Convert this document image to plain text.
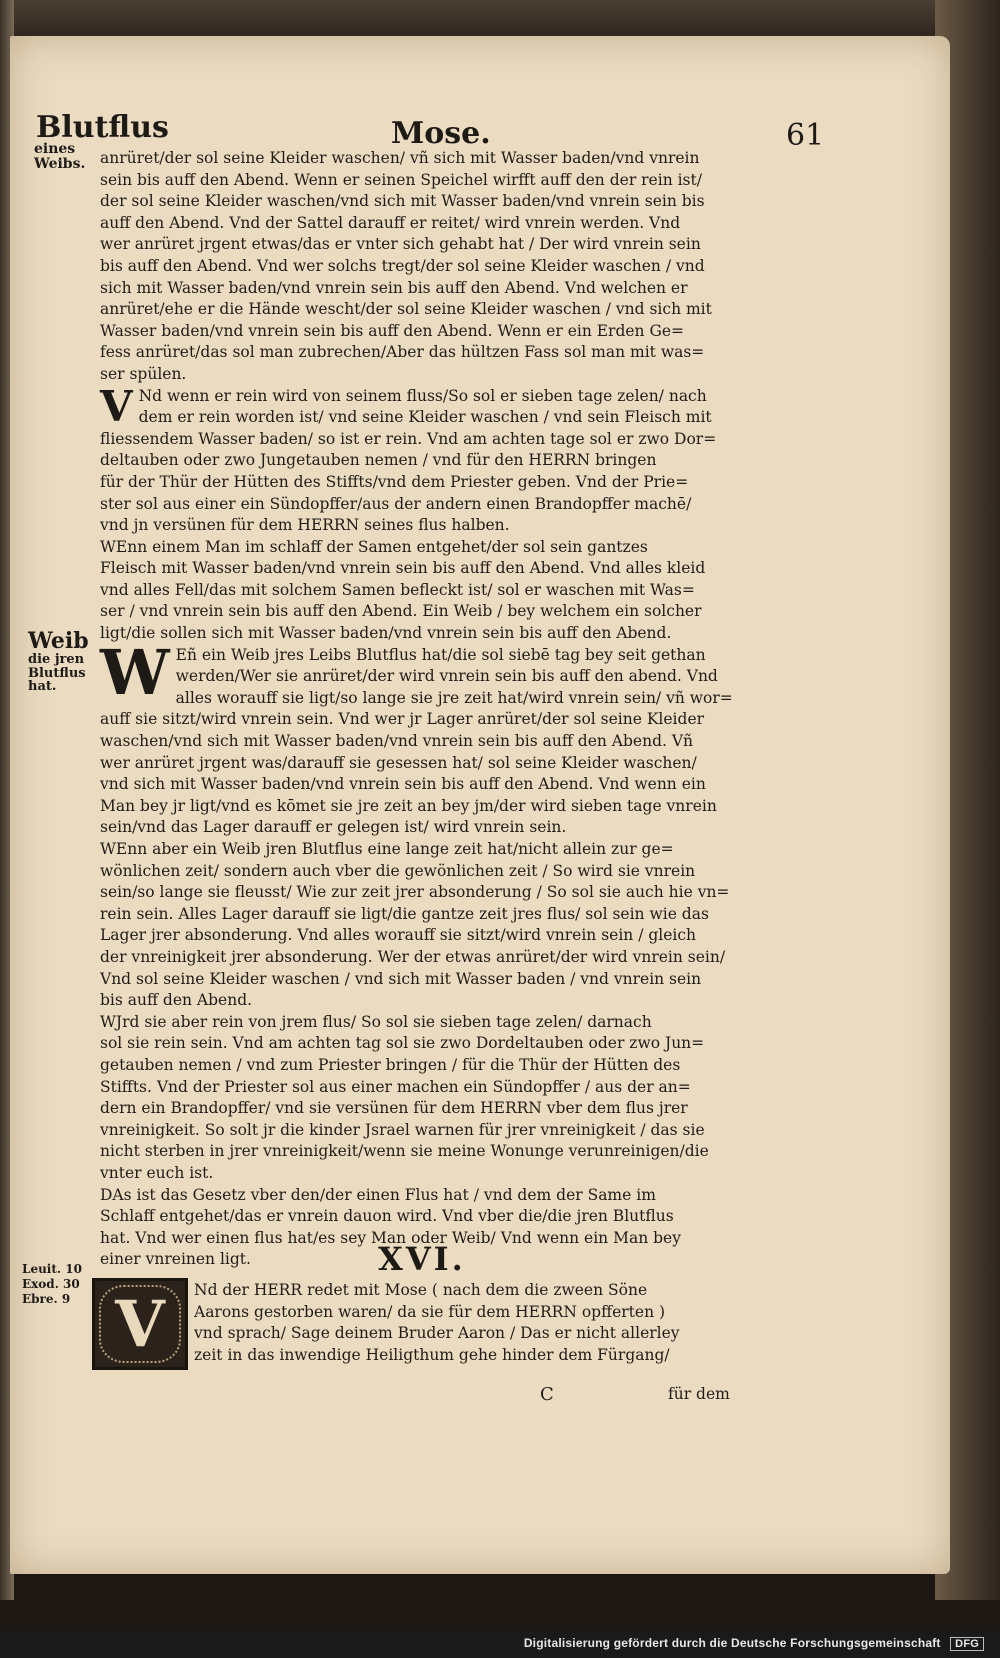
Blutflus	Mose.	61
eines
Weibs.
Weib
die jren
Blutflus
hat.
Leuit. 10
Exod. 30
Ebre. 9
anrüret/der sol seine Kleider waschen/ vñ sich mit Wasser baden/vnd vnrein
sein bis auff den Abend. Wenn er seinen Speichel wirfft auff den der rein ist/
der sol seine Kleider waschen/vnd sich mit Wasser baden/vnd vnrein sein bis
auff den Abend. Vnd der Sattel darauff er reitet/ wird vnrein werden. Vnd
wer anrüret jrgent etwas/das er vnter sich gehabt hat / Der wird vnrein sein
bis auff den Abend. Vnd wer solchs tregt/der sol seine Kleider waschen / vnd
sich mit Wasser baden/vnd vnrein sein bis auff den Abend. Vnd welchen er
anrüret/ehe er die Hände wescht/der sol seine Kleider waschen / vnd sich mit
Wasser baden/vnd vnrein sein bis auff den Abend. Wenn er ein Erden Ge=
fess anrüret/das sol man zubrechen/Aber das hültzen Fass sol man mit was=
ser spülen.
V Nd wenn er rein wird von seinem fluss/So sol er sieben tage zelen/ nach
dem er rein worden ist/ vnd seine Kleider waschen / vnd sein Fleisch mit
fliessendem Wasser baden/ so ist er rein. Vnd am achten tage sol er zwo Dor=
deltauben oder zwo Jungetauben nemen / vnd für den HERRN bringen
für der Thür der Hütten des Stiffts/vnd dem Priester geben. Vnd der Prie=
ster sol aus einer ein Sündopffer/aus der andern einen Brandopffer machē/
vnd jn versünen für dem HERRN seines flus halben.
WEnn einem Man im schlaff der Samen entgehet/der sol sein gantzes
Fleisch mit Wasser baden/vnd vnrein sein bis auff den Abend. Vnd alles kleid
vnd alles Fell/das mit solchem Samen befleckt ist/ sol er waschen mit Was=
ser / vnd vnrein sein bis auff den Abend. Ein Weib / bey welchem ein solcher
ligt/die sollen sich mit Wasser baden/vnd vnrein sein bis auff den Abend.
W Eñ ein Weib jres Leibs Blutflus hat/die sol siebē tag bey seit gethan
werden/Wer sie anrüret/der wird vnrein sein bis auff den abend. Vnd
alles worauff sie ligt/so lange sie jre zeit hat/wird vnrein sein/ vñ wor=
auff sie sitzt/wird vnrein sein. Vnd wer jr Lager anrüret/der sol seine Kleider
waschen/vnd sich mit Wasser baden/vnd vnrein sein bis auff den Abend. Vñ
wer anrüret jrgent was/darauff sie gesessen hat/ sol seine Kleider waschen/
vnd sich mit Wasser baden/vnd vnrein sein bis auff den Abend. Vnd wenn ein
Man bey jr ligt/vnd es kōmet sie jre zeit an bey jm/der wird sieben tage vnrein
sein/vnd das Lager darauff er gelegen ist/ wird vnrein sein.
WEnn aber ein Weib jren Blutflus eine lange zeit hat/nicht allein zur ge=
wönlichen zeit/ sondern auch vber die gewönlichen zeit / So wird sie vnrein
sein/so lange sie fleusst/ Wie zur zeit jrer absonderung / So sol sie auch hie vn=
rein sein. Alles Lager darauff sie ligt/die gantze zeit jres flus/ sol sein wie das
Lager jrer absonderung. Vnd alles worauff sie sitzt/wird vnrein sein / gleich
der vnreinigkeit jrer absonderung. Wer der etwas anrüret/der wird vnrein sein/
Vnd sol seine Kleider waschen / vnd sich mit Wasser baden / vnd vnrein sein
bis auff den Abend.
WJrd sie aber rein von jrem flus/ So sol sie sieben tage zelen/ darnach
sol sie rein sein. Vnd am achten tag sol sie zwo Dordeltauben oder zwo Jun=
getauben nemen / vnd zum Priester bringen / für die Thür der Hütten des
Stiffts. Vnd der Priester sol aus einer machen ein Sündopffer / aus der an=
dern ein Brandopffer/ vnd sie versünen für dem HERRN vber dem flus jrer
vnreinigkeit. So solt jr die kinder Jsrael warnen für jrer vnreinigkeit / das sie
nicht sterben in jrer vnreinigkeit/wenn sie meine Wonunge verunreinigen/die
vnter euch ist.
DAs ist das Gesetz vber den/der einen Flus hat / vnd dem der Same im
Schlaff entgehet/das er vnrein dauon wird. Vnd vber die/die jren Blutflus
hat. Vnd wer einen flus hat/es sey Man oder Weib/ Vnd wenn ein Man bey
einer vnreinen ligt.	XVI.
V Nd der HERR redet mit Mose ( nach dem die zween Söne
Aarons gestorben waren/ da sie für dem HERRN opfferten )
vnd sprach/ Sage deinem Bruder Aaron / Das er nicht allerley
zeit in das inwendige Heiligthum gehe hinder dem Fürgang/
C	für dem
Digitalisierung gefördert durch die Deutsche Forschungsgemeinschaft DFG
